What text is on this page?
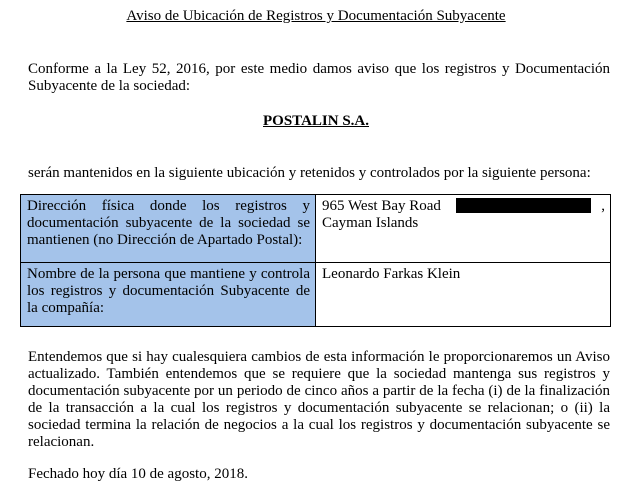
Aviso de Ubicación de Registros y Documentación Subyacente
Conforme a la Ley 52, 2016, por este medio damos aviso que los registros y Documentación Subyacente de la sociedad:
POSTALIN S.A.
serán mantenidos en la siguiente ubicación y retenidos y controlados por la siguiente persona:
Dirección física donde los registros y documentación subyacente de la sociedad se mantienen (no Dirección de Apartado Postal):	965 West Bay Road ,
Cayman Islands

Nombre de la persona que mantiene y controla los registros y documentación Subyacente de la compañía:	Leonardo Farkas Klein
Entendemos que si hay cualesquiera cambios de esta información le proporcionaremos un Aviso actualizado. También entendemos que se requiere que la sociedad mantenga sus registros y documentación subyacente por un periodo de cinco años a partir de la fecha (i) de la finalización de la transacción a la cual los registros y documentación subyacente se relacionan; o (ii) la sociedad termina la relación de negocios a la cual los registros y documentación subyacente se relacionan.
Fechado hoy día 10 de agosto, 2018.
